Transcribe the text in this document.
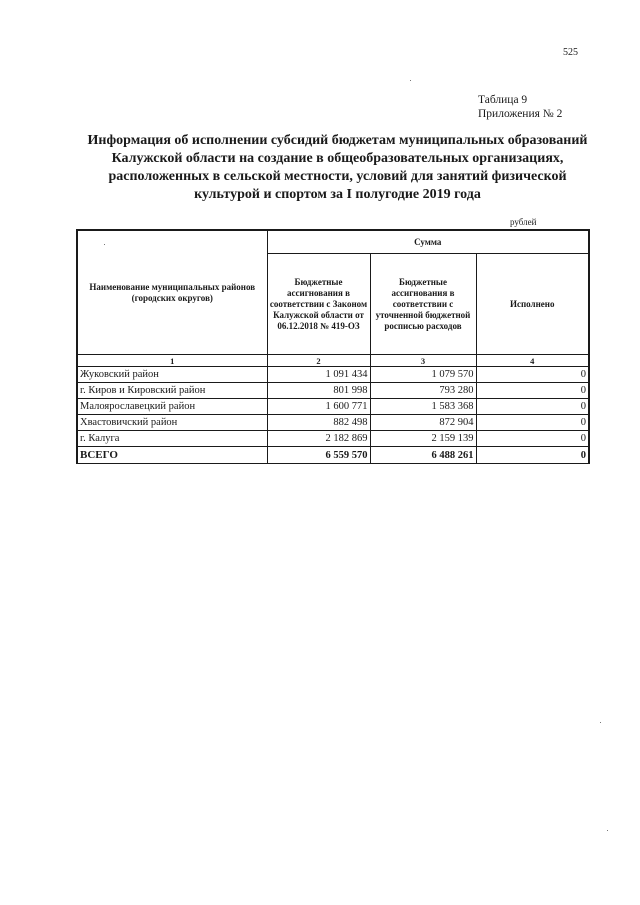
525
Таблица 9
Приложения № 2
Информация об исполнении субсидий бюджетам муниципальных образований
Калужской области на создание в общеобразовательных организациях,
расположенных в сельской местности, условий для занятий физической
культурой и спортом за I полугодие 2019 года
рублей
Наименование муниципальных районов (городских округов)	Сумма		
	Бюджетные ассигнования в соответствии с Законом Калужской области от 06.12.2018 № 419-ОЗ	Бюджетные ассигнования в соответствии с уточненной бюджетной росписью расходов	Исполнено
1	2	3	4
Жуковский район	1 091 434	1 079 570	0
г. Киров и Кировский район	801 998	793 280	0
Малоярославецкий район	1 600 771	1 583 368	0
Хвастовичский район	882 498	872 904	0
г. Калуга	2 182 869	2 159 139	0
ВСЕГО	6 559 570	6 488 261	0
